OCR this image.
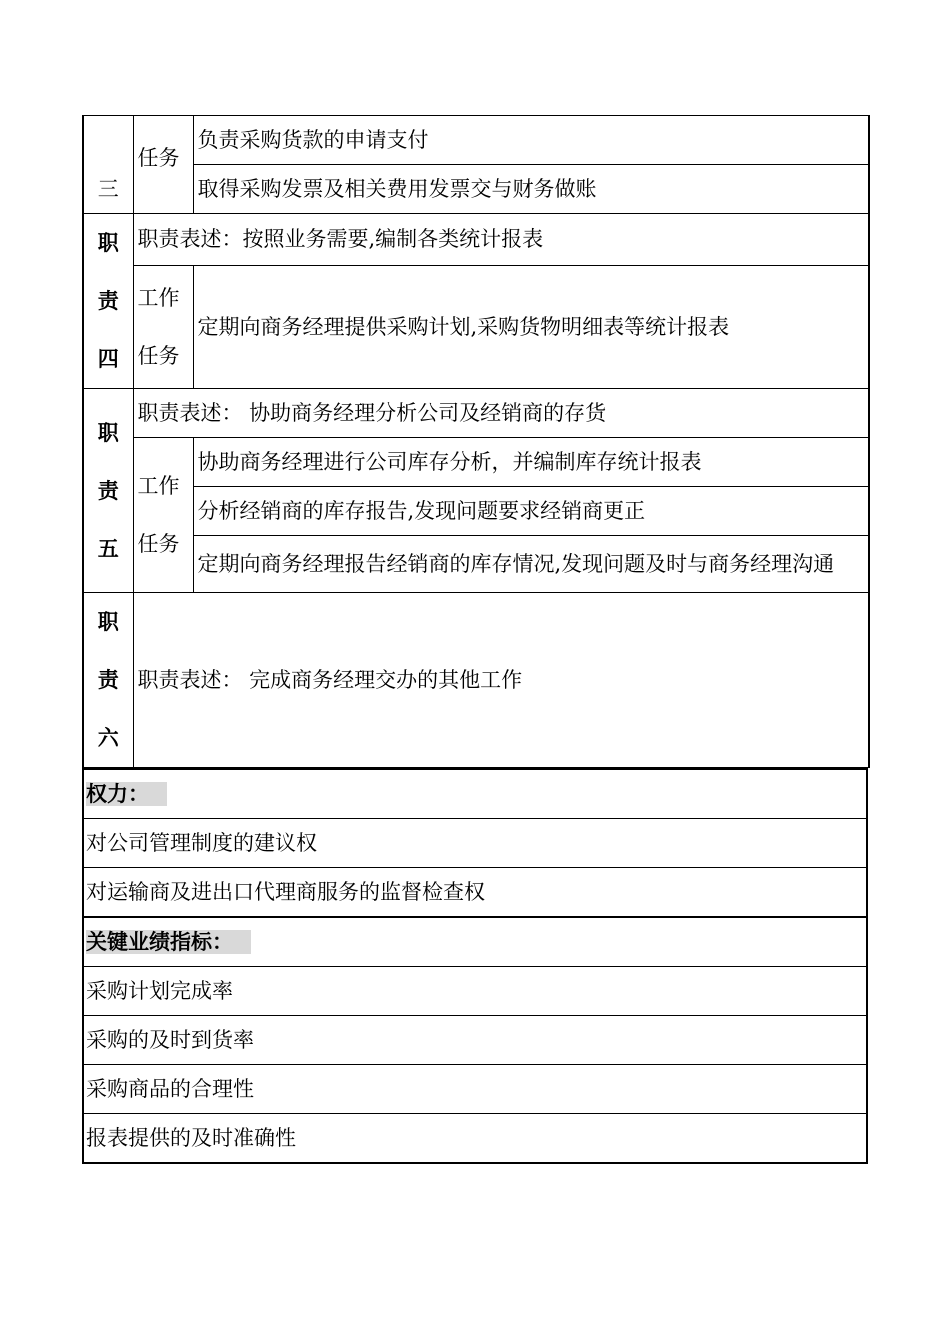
三	任务	负责采购货款的申请支付
		取得采购发票及相关费用发票交与财务做账

职
责
四	职责表述：按照业务需要,编制各类统计报表	

	工作
任务	定期向商务经理提供采购计划,采购货物明细表等统计报表

职
责
五	职责表述： 协助商务经理分析公司及经销商的存货	

	工作
任务	协助商务经理进行公司库存分析，并编制库存统计报表
		分析经销商的库存报告,发现问题要求经销商更正
		定期向商务经理报告经销商的库存情况,发现问题及时与商务经理沟通

职
责
六	职责表述： 完成商务经理交办的其他工作	
权力：
对公司管理制度的建议权
对运输商及进出口代理商服务的监督检查权
关键业绩指标：
采购计划完成率
采购的及时到货率
采购商品的合理性
报表提供的及时准确性
